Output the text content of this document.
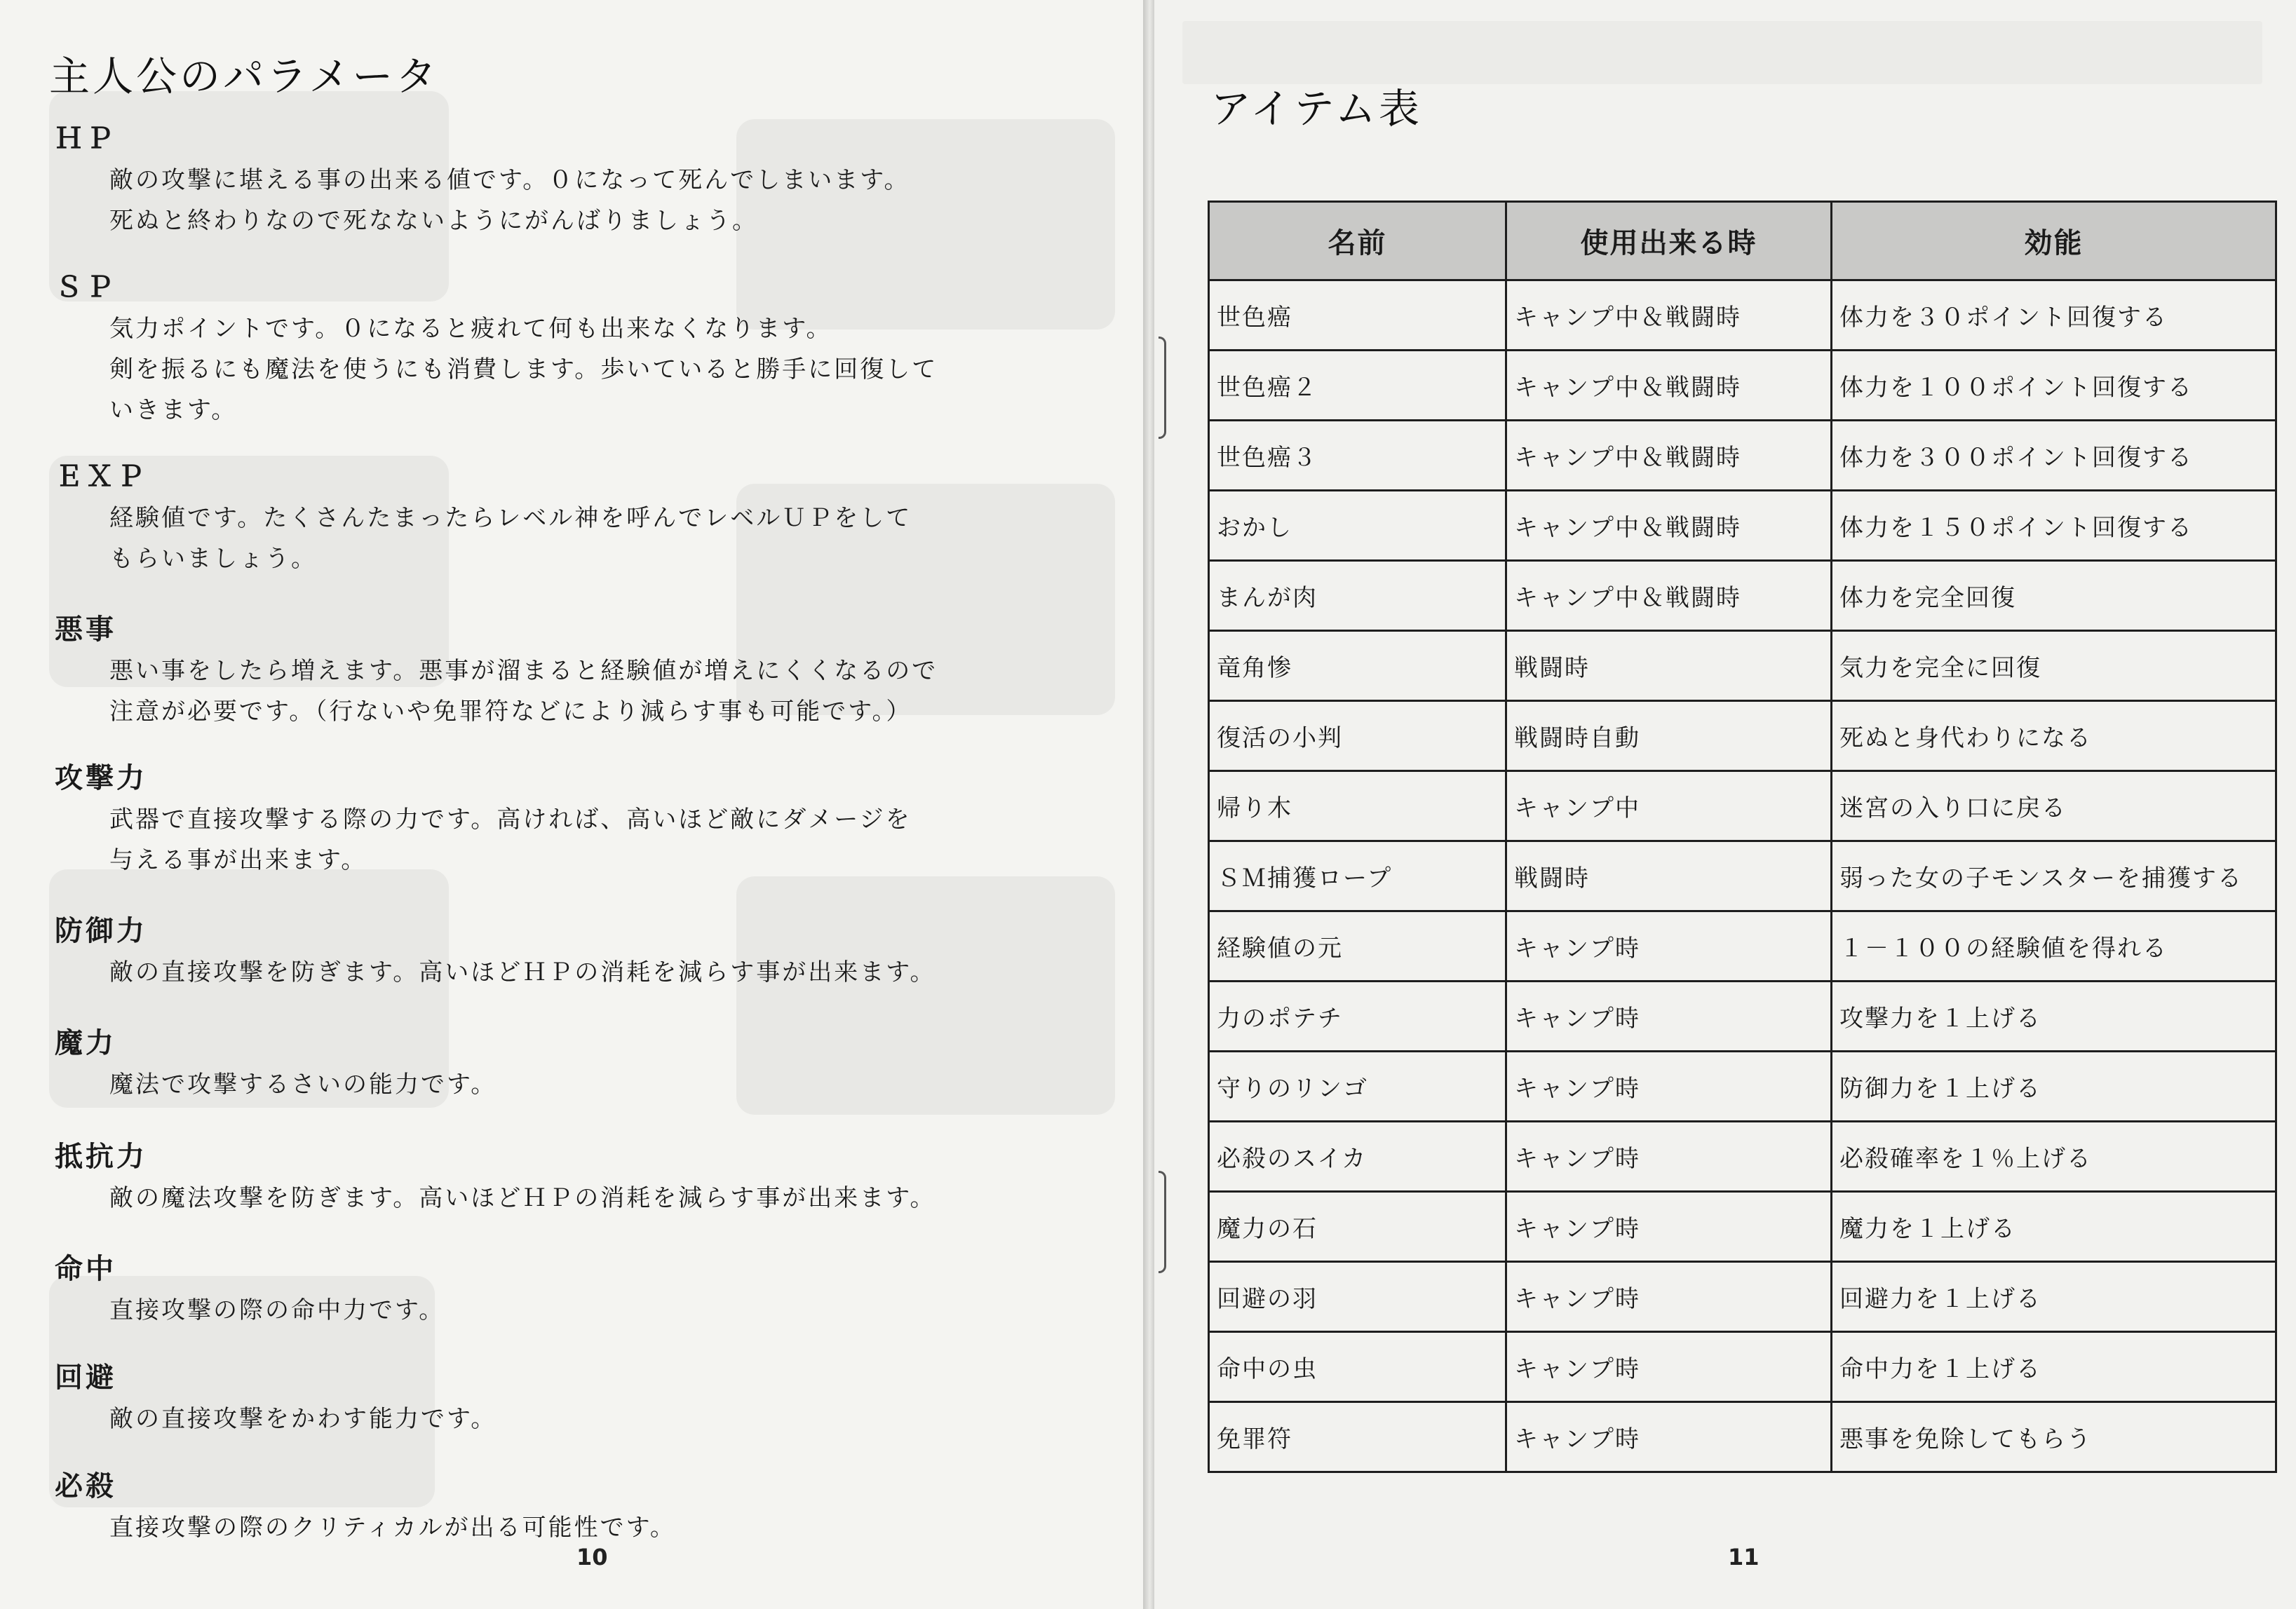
主人公のパラメータ
ＨＰ
敵の攻撃に堪える事の出来る値です。０になって死んでしまいます。
死ぬと終わりなので死なないようにがんばりましょう。
ＳＰ
気力ポイントです。０になると疲れて何も出来なくなります。
剣を振るにも魔法を使うにも消費します。歩いていると勝手に回復して
いきます。
ＥＸＰ
経験値です。たくさんたまったらレベル神を呼んでレベルＵＰをして
もらいましょう。
悪事
悪い事をしたら増えます。悪事が溜まると経験値が増えにくくなるので
注意が必要です。（行ないや免罪符などにより減らす事も可能です。）
攻撃力
武器で直接攻撃する際の力です。高ければ、高いほど敵にダメージを
与える事が出来ます。
防御力
敵の直接攻撃を防ぎます。高いほどＨＰの消耗を減らす事が出来ます。
魔力
魔法で攻撃するさいの能力です。
抵抗力
敵の魔法攻撃を防ぎます。高いほどＨＰの消耗を減らす事が出来ます。
命中
直接攻撃の際の命中力です。
回避
敵の直接攻撃をかわす能力です。
必殺
直接攻撃の際のクリティカルが出る可能性です。
10
アイテム表
11
名前	使用出来る時	効能
世色癌	キャンプ中＆戦闘時	体力を３０ポイント回復する
世色癌２	キャンプ中＆戦闘時	体力を１００ポイント回復する
世色癌３	キャンプ中＆戦闘時	体力を３００ポイント回復する
おかし	キャンプ中＆戦闘時	体力を１５０ポイント回復する
まんが肉	キャンプ中＆戦闘時	体力を完全回復
竜角惨	戦闘時	気力を完全に回復
復活の小判	戦闘時自動	死ぬと身代わりになる
帰り木	キャンプ中	迷宮の入り口に戻る
ＳＭ捕獲ロープ	戦闘時	弱った女の子モンスターを捕獲する
経験値の元	キャンプ時	１－１００の経験値を得れる
力のポテチ	キャンプ時	攻撃力を１上げる
守りのリンゴ	キャンプ時	防御力を１上げる
必殺のスイカ	キャンプ時	必殺確率を１％上げる
魔力の石	キャンプ時	魔力を１上げる
回避の羽	キャンプ時	回避力を１上げる
命中の虫	キャンプ時	命中力を１上げる
免罪符	キャンプ時	悪事を免除してもらう
